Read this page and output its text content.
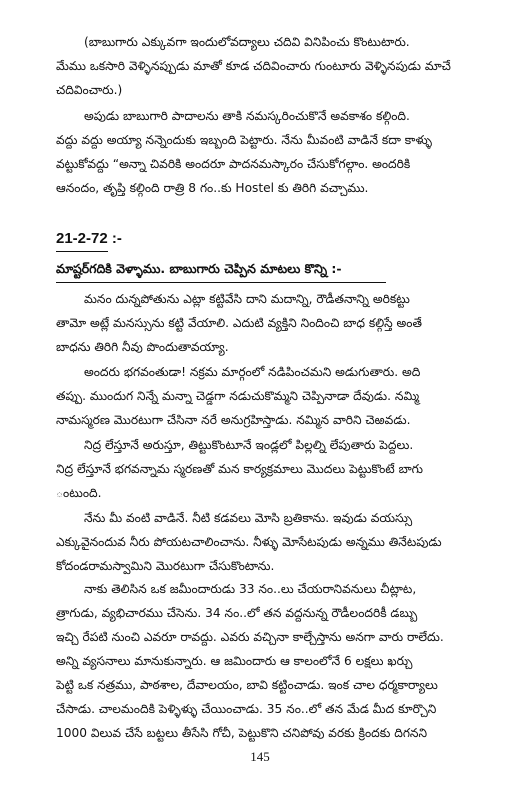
(బాబుగారు ఎక్కువగా ఇందులోవద్యాలు చదివి వినిపించు కొంటుటారు.
మేము ఒకసారి వెళ్ళినప్పుడు మాతో కూడ చదివించారు గుంటూరు వెళ్ళినపుడు మాచే
చదివించారు.)
అపుడు బాబుగారి పాదాలను తాకి నమస్కరించుకొనే అవకాశం కల్గింది.
వద్దు వద్దు అయ్యా నన్నెందుకు ఇబ్బంది పెట్టారు. నేను మీవంటి వాడినే కదా కాళ్ళు
వట్టుకోవద్దు “అన్నా చివరికి అందరూ పాదనమస్కారం చేసుకోగల్గాం. అందరికి
ఆనందం, తృప్తి కల్గింది రాత్రి 8 గం..కు Hostel కు తిరిగి వచ్చాము.
21-2-72 :-
మాష్టర్‌గదికి వెళ్ళాము. బాబుగారు చెప్పిన మాటలు కొన్ని :-
మనం దున్నపోతును ఎట్లా కట్టివేసి దాని మదాన్ని, రౌడీతనాన్ని అరికట్టు
తామో అట్లే మనస్సును కట్టి వేయాలి. ఎదుటి వ్యక్తిని నిందించి బాధ కల్గిస్తే అంతే
బాధను తిరిగి నీవు పొందుతావయ్యా.
అందరు భగవంతుడా! నక్రమ మార్గంలో నడిపించమని అడుగుతారు. అది
తప్పు. ముందుగ నిన్నే మన్నా చెడ్డగా నడుచుకొమ్మని చెప్పినాడా దేవుడు. నమ్మి
నామస్మరణ మొరటుగా చేసినా నరే అనుగ్రహిస్తాడు. నమ్మిన వారిని చెఱవడు.
నిద్ర లేస్తూనే అరుస్తూ, తిట్టుకొంటూనే ఇండ్లలో పిల్లల్ని లేపుతారు పెద్దలు.
నిద్ర లేస్తూనే భగవన్నామ స్మరణతో మన కార్యక్రమాలు మొదలు పెట్టుకొంటే బాగు
ంటుంది.
నేను మీ వంటి వాడినే. నీటి కడవలు మోసి బ్రతికాను. ఇవుడు వయస్సు
ఎక్కువైనందువ నీరు పోయటచాలించాను. నీళ్ళు మోసేటపుడు అన్నము తినేటపుడు
కోదండరామస్వామిని మొరటుగా చేసుకొంటాను.
నాకు తెలిసిన ఒక జమీందారుడు 33 నం..లు చేయరానివనులు చీట్లాట,
త్రాగుడు, వ్యభిచారము చేసెను. 34 నం..లో తన వద్దనున్న రౌడీలందరికీ డబ్బు
ఇచ్చి రేపటి నుంచి ఎవరూ రావద్దు. ఎవరు వచ్చినా కాల్చేస్తాను అనగా వారు రాలేదు.
అన్ని వ్యసనాలు మానుకున్నారు. ఆ జమిందారు ఆ కాలంలోనే 6 లక్షలు ఖర్చు
పెట్టి ఒక నత్రము, పాఠశాల, దేవాలయం, బావి కట్టించాడు. ఇంక చాల ధర్మకార్యాలు
చేసాడు. చాలమందికి పెళ్ళిళ్ళు చేయించాడు. 35 నం..లో తన మేడ మీద కూర్చొని
1000 విలువ చేసే బట్టలు తీసేసి గోచీ, పెట్టుకొని చనిపోవు వరకు క్రిందకు దిగనని
145
